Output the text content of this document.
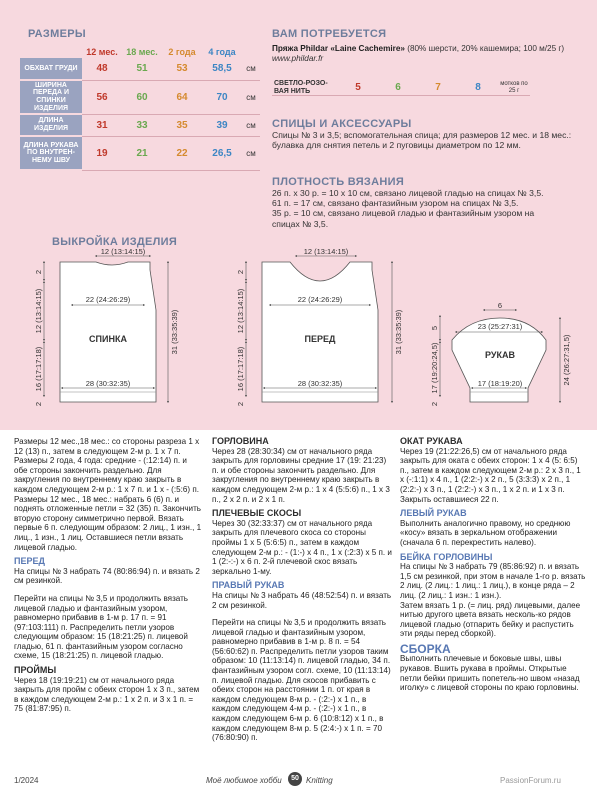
РАЗМЕРЫ
	12 мес.	18 мес.	2 года	4 года	
ОБХВАТ ГРУДИ	48	51	53	58,5	см
ШИРИНА ПЕРЕДА И СПИНКИ ИЗДЕЛИЯ	56	60	64	70	см
ДЛИНА ИЗДЕЛИЯ	31	33	35	39	см
ДЛИНА РУКАВА ПО ВНУТРЕН-НЕМУ ШВУ	19	21	22	26,5	см
ВАМ ПОТРЕБУЕТСЯ
Пряжа Phildar «Laine Cachemire» (80% шерсти, 20% кашемира; 100 м/25 г)
www.phildar.fr
СВЕТЛО-РОЗО-ВАЯ НИТЬ	5	6	7	8	мотков по 25 г
СПИЦЫ И АКСЕССУАРЫ
Спицы № 3 и 3,5; вспомогательная спица; для размеров 12 мес. и 18 мес.: булавка для снятия петель и 2 пуговицы диаметром по 12 мм.
ПЛОТНОСТЬ ВЯЗАНИЯ
26 п. х 30 р. = 10 х 10 см, связано лицевой гладью на спицах № 3,5.
61 п. = 17 см, связано фантазийным узором на спицах № 3,5.
35 р. = 10 см, связано лицевой гладью и фантазийным узором на спицах № 3,5.
ВЫКРОЙКА ИЗДЕЛИЯ
12 (13:14:15)
22 (24:26:29)
28 (30:32:35)
СПИНКА
12 (13:14:15)
22 (24:26:29)
28 (30:32:35)
ПЕРЕД
6
23 (25:27:31)
17 (18:19:20)
РУКАВ
2
12 (13:14:15)
16 (17:17:18)
2
31 (33:35:39)
2
12 (13:14:15)
16 (17:17:18)
2
31 (33:35:39)	5
17 (19:20:24,5)
2
24 (26:27:31,5)

Размеры 12 мес.,18 мес.: со стороны разреза 1 х 12 (13) п., затем в следующем 2-м р. 1 х 7 п.

Размеры 2 года, 4 года: средние - (:12:14) п. и обе стороны закончить раздельно. Для закругления по внутреннему краю закрыть в каждом следующем 2-м р.: 1 х 7 п. и 1 х - (:5:6) п.

Размеры 12 мес., 18 мес.: набрать 6 (6) п. и поднять отложенные петли = 32 (35) п. Закончить вторую сторону симметрично первой. Вязать первые 6 п. следующим образом: 2 лиц., 1 изн., 1 лиц., 1 изн., 1 лиц. Оставшиеся петли вязать лицевой гладью.

ПЕРЕД

На спицы № 3 набрать 74 (80:86:94) п. и вязать 2 см резинкой.

Перейти на спицы № 3,5 и продолжить вязать лицевой гладью и фантазийным узором, равномерно прибавив в 1-м р. 17 п. = 91 (97:103:111) п. Распределить петли узоров следующим образом: 15 (18:21:25) п. лицевой гладью, 61 п. фантазийным узором согласно схеме, 15 (18:21:25) п. лицевой гладью.

ПРОЙМЫ

Через 18 (19:19:21) см от начального ряда закрыть для пройм с обеих сторон 1 х 3 п., затем в каждом следующем 2-м р.: 1 х 2 п. и 3 х 1 п. = 75 (81:87:95) п.

ГОРЛОВИНА

Через 28 (28:30:34) см от начального ряда закрыть для горловины средние 17 (19: 21:23) п. и обе стороны закончить раздельно. Для закругления по внутреннему краю закрыть в каждом следующем 2-м р.: 1 х 4 (5:5:6) п., 1 х 3 п., 2 х 2 п. и 2 х 1 п.

ПЛЕЧЕВЫЕ СКОСЫ

Через 30 (32:33:37) см от начального ряда закрыть для плечевого скоса со стороны проймы 1 х 5 (5:6:5) п., затем в каждом следующем 2-м р.: - (1:-) х 4 п., 1 х (:2:3) х 5 п. и 1 (2:-:-) х 6 п. 2-й плечевой скос вязать зеркально 1-му.

ПРАВЫЙ РУКАВ

На спицы № 3 набрать 46 (48:52:54) п. и вязать 2 см резинкой.

Перейти на спицы № 3,5 и продолжить вязать лицевой гладью и фантазийным узором, равномерно прибавив в 1-м р. 8 п. = 54 (56:60:62) п. Распределить петли узоров таким образом: 10 (11:13:14) п. лицевой гладью, 34 п. фантазийным узором согл. схеме, 10 (11:13:14) п. лицевой гладью. Для скосов прибавить с обеих сторон на расстоянии 1 п. от края в каждом следующем 8-м р. - (:2:-) х 1 п., в каждом следующем 4-м р. - (:2:-) х 1 п., в каждом следующем 6-м р. 6 (10:8:12) х 1 п., в каждом следующем 8-м р. 5 (2:4:-) х 1 п. = 70 (76:80:90) п.

ОКАТ РУКАВА

Через 19 (21:22:26,5) см от начального ряда закрыть для оката с обеих сторон: 1 х 4 (5: 6:5) п., затем в каждом следующем 2-м р.: 2 х 3 п., 1 х (-:1:1) х 4 п., 1 (2:2:-) х 2 п., 5 (3:3:3) х 2 п., 1 (2:2:-) х 3 п., 1 (2:2:-) х 3 п., 1 х 2 п. и 1 х 3 п.

Закрыть оставшиеся 22 п.

ЛЕВЫЙ РУКАВ

Выполнить аналогично правому, но среднюю «косу» вязать в зеркальном отображении (сначала 6 п. перекрестить налево).

БЕЙКА ГОРЛОВИНЫ

На спицы № 3 набрать 79 (85:86:92) п. и вязать 1,5 см резинкой, при этом в начале 1-го р. вязать 2 лиц. (2 лиц.: 1 лиц.: 1 лиц.), в конце ряда – 2 лиц. (2 лиц.: 1 изн.: 1 изн.).

Затем вязать 1 р. (= лиц. ряд) лицевыми, далее нитью другого цвета вязать несколь-ко рядов лицевой гладью (отпарить бейку и распустить эти ряды перед сборкой).

СБОРКА

Выполнить плечевые и боковые швы, швы рукавов. Вшить рукава в проймы. Открытые петли бейки пришить попетель-но швом «назад иголку» с лицевой стороны по краю горловины.

1/2024	Моё любимое хобби	50 Knitting	PassionForum.ru
